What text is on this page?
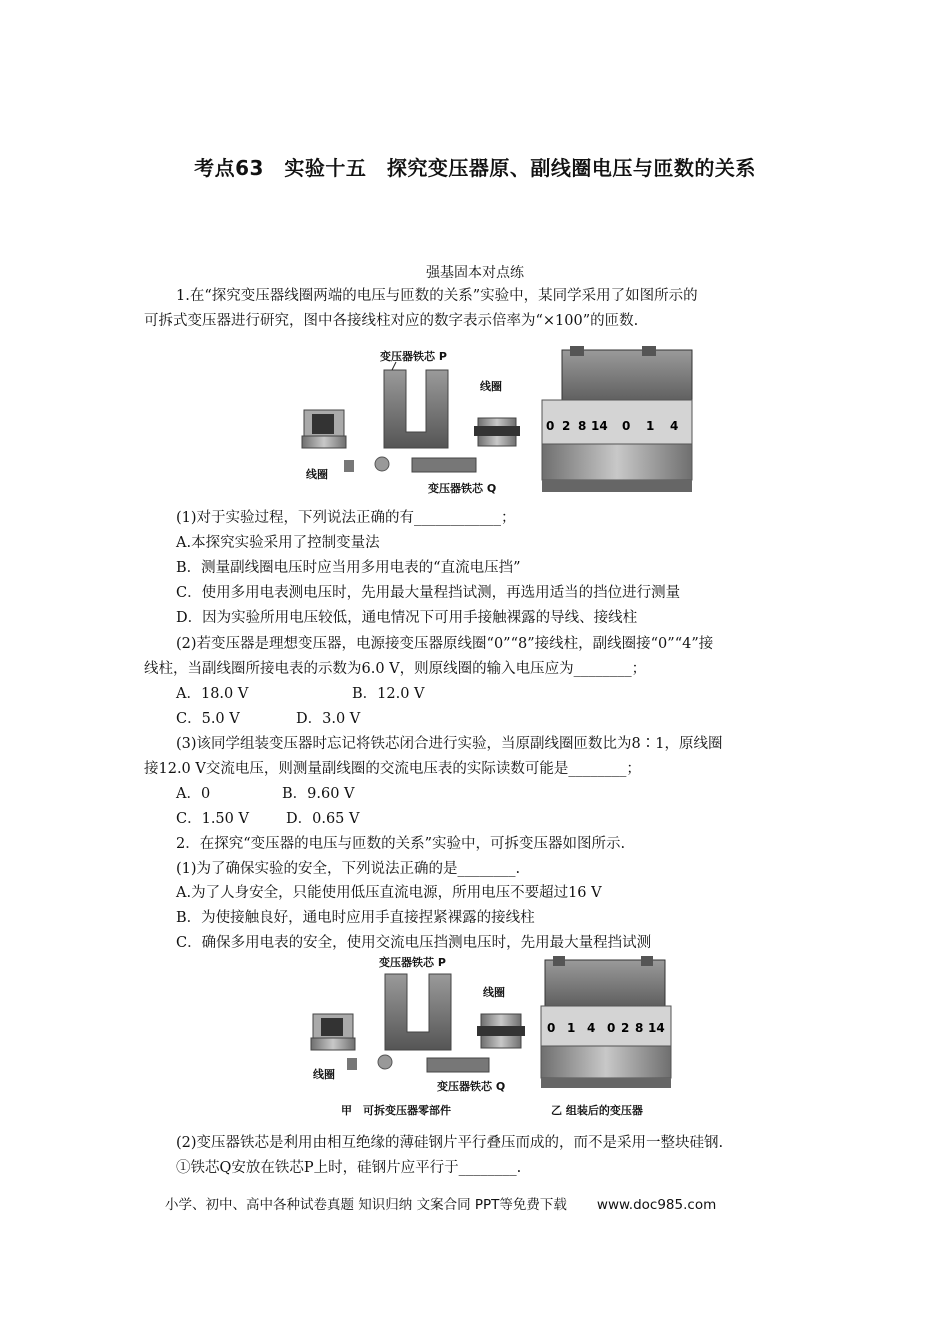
考点63　实验十五　探究变压器原、副线圈电压与匝数的关系
强基固本对点练
1.在“探究变压器线圈两端的电压与匝数的关系”实验中，某同学采用了如图所示的
可拆式变压器进行研究，图中各接线柱对应的数字表示倍率为“×100”的匝数.
变压器铁芯 P
线圈
线圈
变压器铁芯 Q
0 2 8 14 0 1 4
(1)对于实验过程，下列说法正确的有____________；
A.本探究实验采用了控制变量法
B．测量副线圈电压时应当用多用电表的“直流电压挡”
C．使用多用电表测电压时，先用最大量程挡试测，再选用适当的挡位进行测量
D．因为实验所用电压较低，通电情况下可用手接触裸露的导线、接线柱
(2)若变压器是理想变压器，电源接变压器原线圈“0”“8”接线柱，副线圈接“0”“4”接
线柱，当副线圈所接电表的示数为6.0 V，则原线圈的输入电压应为________；
A．18.0 V	B．12.0 V
C．5.0 V	D．3.0 V
(3)该同学组装变压器时忘记将铁芯闭合进行实验，当原副线圈匝数比为8∶1，原线圈
接12.0 V交流电压，则测量副线圈的交流电压表的实际读数可能是________；
A．0	B．9.60 V
C．1.50 V	D．0.65 V
2．在探究“变压器的电压与匝数的关系”实验中，可拆变压器如图所示.
(1)为了确保实验的安全，下列说法正确的是________.
A.为了人身安全，只能使用低压直流电源，所用电压不要超过16 V
B．为使接触良好，通电时应用手直接捏紧裸露的接线柱
C．确保多用电表的安全，使用交流电压挡测电压时，先用最大量程挡试测
变压器铁芯 P
线圈
线圈
变压器铁芯 Q
甲　可拆变压器零部件
0 1 4 0 2 8 14
乙 组装后的变压器
(2)变压器铁芯是利用由相互绝缘的薄硅钢片平行叠压而成的，而不是采用一整块硅钢.
①铁芯Q安放在铁芯P上时，硅钢片应平行于________.
小学、初中、高中各种试卷真题 知识归纳 文案合同 PPT等免费下载 www.doc985.com
